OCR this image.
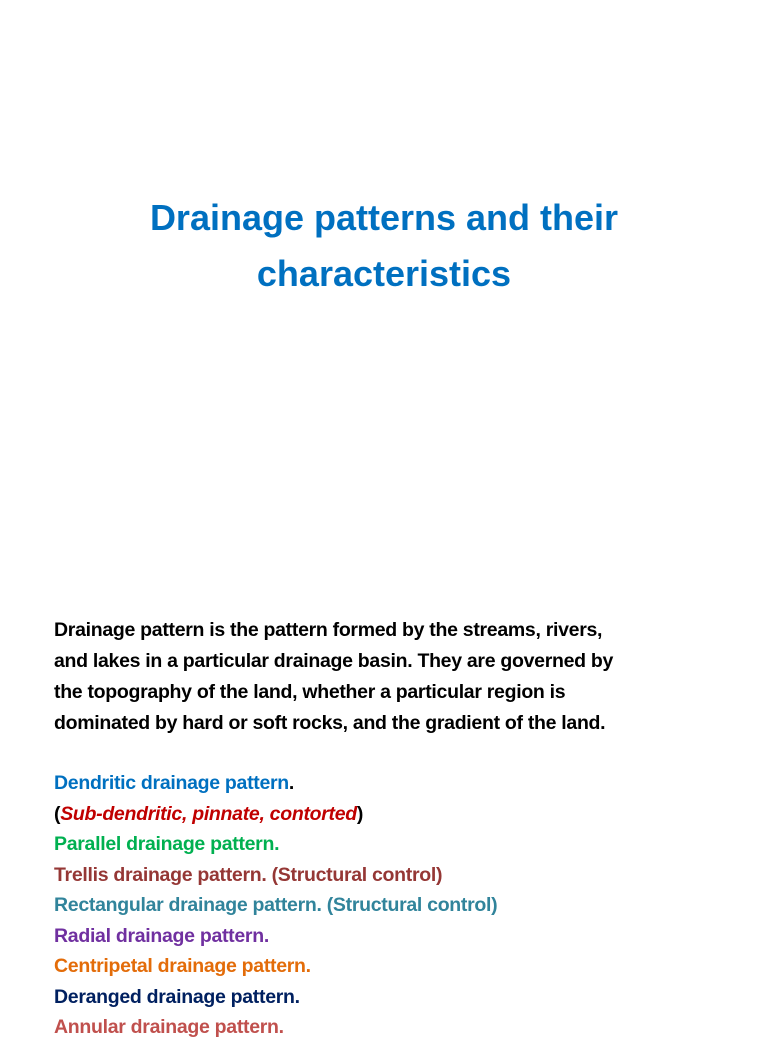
Drainage patterns and their
characteristics

Drainage pattern is the pattern formed by the streams, rivers,
and lakes in a particular drainage basin. They are governed by
the topography of the land, whether a particular region is
dominated by hard or soft rocks, and the gradient of the land.

Dendritic drainage pattern.
(Sub-dendritic, pinnate, contorted)
Parallel drainage pattern.
Trellis drainage pattern. (Structural control)
Rectangular drainage pattern. (Structural control)
Radial drainage pattern.
Centripetal drainage pattern.
Deranged drainage pattern.
Annular drainage pattern.
